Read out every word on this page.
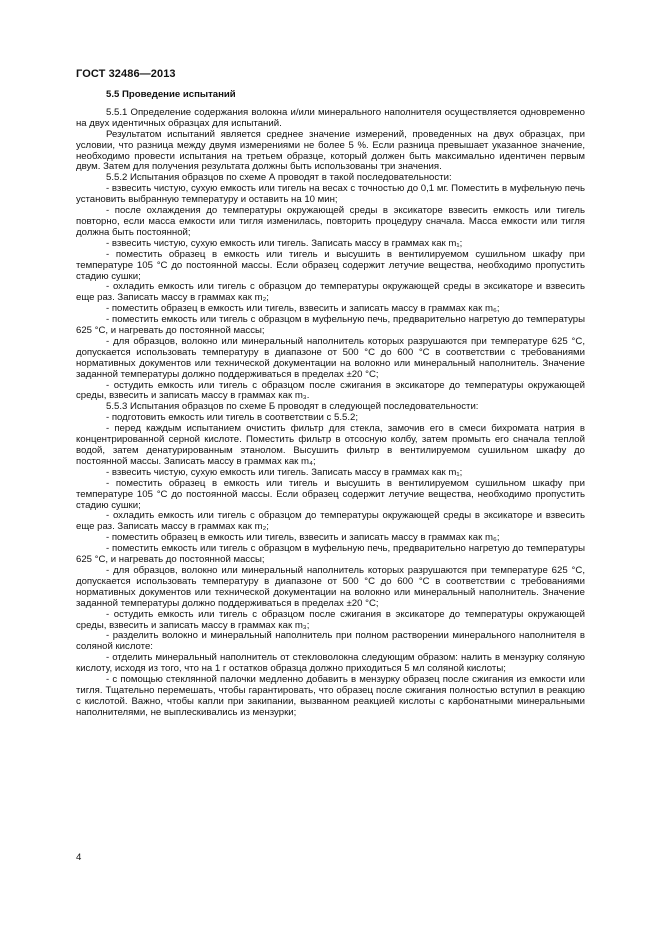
ГОСТ 32486—2013
5.5 Проведение испытаний

5.5.1 Определение содержания волокна и/или минерального наполнителя осуществляется одновременно на двух идентичных образцах для испытаний.

Результатом испытаний является среднее значение измерений, проведенных на двух образцах, при условии, что разница между двумя измерениями не более 5 %. Если разница превышает указанное значение, необходимо провести испытания на третьем образце, который должен быть максимально идентичен первым двум. Затем для получения результата должны быть использованы три значения.

5.5.2 Испытания образцов по схеме А проводят в такой последовательности:

- взвесить чистую, сухую емкость или тигель на весах с точностью до 0,1 мг. Поместить в муфельную печь установить выбранную температуру и оставить на 10 мин;

- после охлаждения до температуры окружающей среды в эксикаторе взвесить емкость или тигель повторно, если масса емкости или тигля изменилась, повторить процедуру сначала. Масса емкости или тигля должна быть постоянной;

- взвесить чистую, сухую емкость или тигель. Записать массу в граммах как m₁;

- поместить образец в емкость или тигель и высушить в вентилируемом сушильном шкафу при температуре 105 °С до постоянной массы. Если образец содержит летучие вещества, необходимо пропустить стадию сушки;

- охладить емкость или тигель с образцом до температуры окружающей среды в эксикаторе и взвесить еще раз. Записать массу в граммах как m₂;

- поместить образец в емкость или тигель, взвесить и записать массу в граммах как m₆;

- поместить емкость или тигель с образцом в муфельную печь, предварительно нагретую до температуры 625 °С, и нагревать до постоянной массы;

- для образцов, волокно или минеральный наполнитель которых разрушаются при температуре 625 °С, допускается использовать температуру в диапазоне от 500 °С до 600 °С в соответствии с требованиями нормативных документов или технической документации на волокно или минеральный наполнитель. Значение заданной температуры должно поддерживаться в пределах ±20 °С;

- остудить емкость или тигель с образцом после сжигания в эксикаторе до температуры окружающей среды, взвесить и записать массу в граммах как m₃.

5.5.3 Испытания образцов по схеме Б проводят в следующей последовательности:

- подготовить емкость или тигель в соответствии с 5.5.2;

- перед каждым испытанием очистить фильтр для стекла, замочив его в смеси бихромата натрия в концентрированной серной кислоте. Поместить фильтр в отсосную колбу, затем промыть его сначала теплой водой, затем денатурированным этанолом. Высушить фильтр в вентилируемом сушильном шкафу до постоянной массы. Записать массу в граммах как m₄;

- взвесить чистую, сухую емкость или тигель. Записать массу в граммах как m₁;

- поместить образец в емкость или тигель и высушить в вентилируемом сушильном шкафу при температуре 105 °С до постоянной массы. Если образец содержит летучие вещества, необходимо пропустить стадию сушки;

- охладить емкость или тигель с образцом до температуры окружающей среды в эксикаторе и взвесить еще раз. Записать массу в граммах как m₂;

- поместить образец в емкость или тигель, взвесить и записать массу в граммах как m₆;

- поместить емкость или тигель с образцом в муфельную печь, предварительно нагретую до температуры 625 °С, и нагревать до постоянной массы;

- для образцов, волокно или минеральный наполнитель которых разрушаются при температуре 625 °С, допускается использовать температуру в диапазоне от 500 °С до 600 °С в соответствии с требованиями нормативных документов или технической документации на волокно или минеральный наполнитель. Значение заданной температуры должно поддерживаться в пределах ±20 °С;

- остудить емкость или тигель с образцом после сжигания в эксикаторе до температуры окружающей среды, взвесить и записать массу в граммах как m₃;

- разделить волокно и минеральный наполнитель при полном растворении минерального наполнителя в соляной кислоте:

- отделить минеральный наполнитель от стекловолокна следующим образом: налить в мензурку соляную кислоту, исходя из того, что на 1 г остатков образца должно приходиться 5 мл соляной кислоты;

- с помощью стеклянной палочки медленно добавить в мензурку образец после сжигания из емкости или тигля. Тщательно перемешать, чтобы гарантировать, что образец после сжигания полностью вступил в реакцию с кислотой. Важно, чтобы капли при закипании, вызванном реакцией кислоты с карбонатными минеральными наполнителями, не выплескивались из мензурки;

4
